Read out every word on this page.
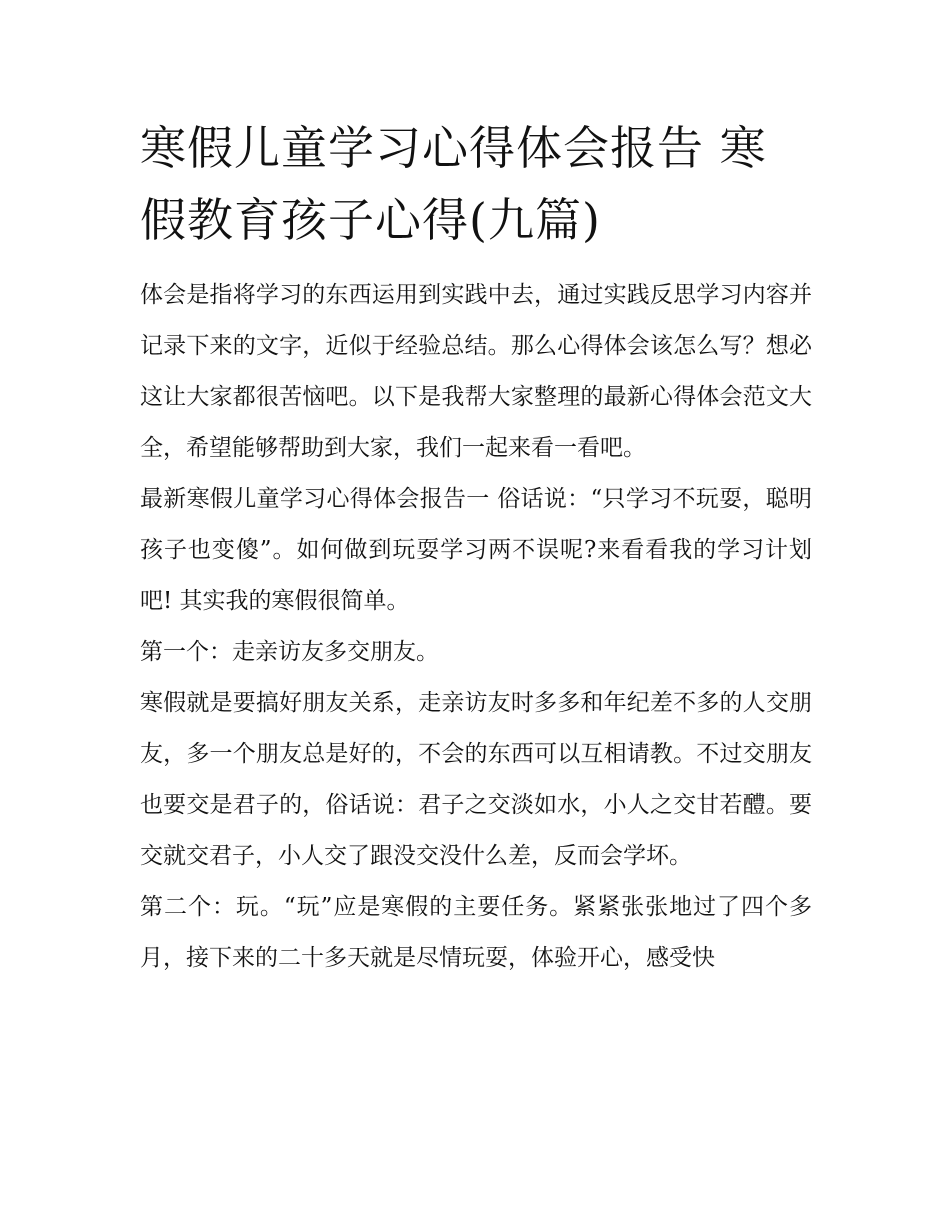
寒假儿童学习心得体会报告 寒假教育孩子心得(九篇)

体会是指将学习的东西运用到实践中去，通过实践反思学习内容并记录下来的文字，近似于经验总结。那么心得体会该怎么写？想必这让大家都很苦恼吧。以下是我帮大家整理的最新心得体会范文大全，希望能够帮助到大家，我们一起来看一看吧。

最新寒假儿童学习心得体会报告一 俗话说：“只学习不玩耍，聪明孩子也变傻”。如何做到玩耍学习两不误呢?来看看我的学习计划吧! 其实我的寒假很简单。

第一个：走亲访友多交朋友。

寒假就是要搞好朋友关系，走亲访友时多多和年纪差不多的人交朋友，多一个朋友总是好的，不会的东西可以互相请教。不过交朋友也要交是君子的，俗话说：君子之交淡如水，小人之交甘若醴。要交就交君子，小人交了跟没交没什么差，反而会学坏。

第二个：玩。“玩”应是寒假的主要任务。紧紧张张地过了四个多月，接下来的二十多天就是尽情玩耍，体验开心，感受快
